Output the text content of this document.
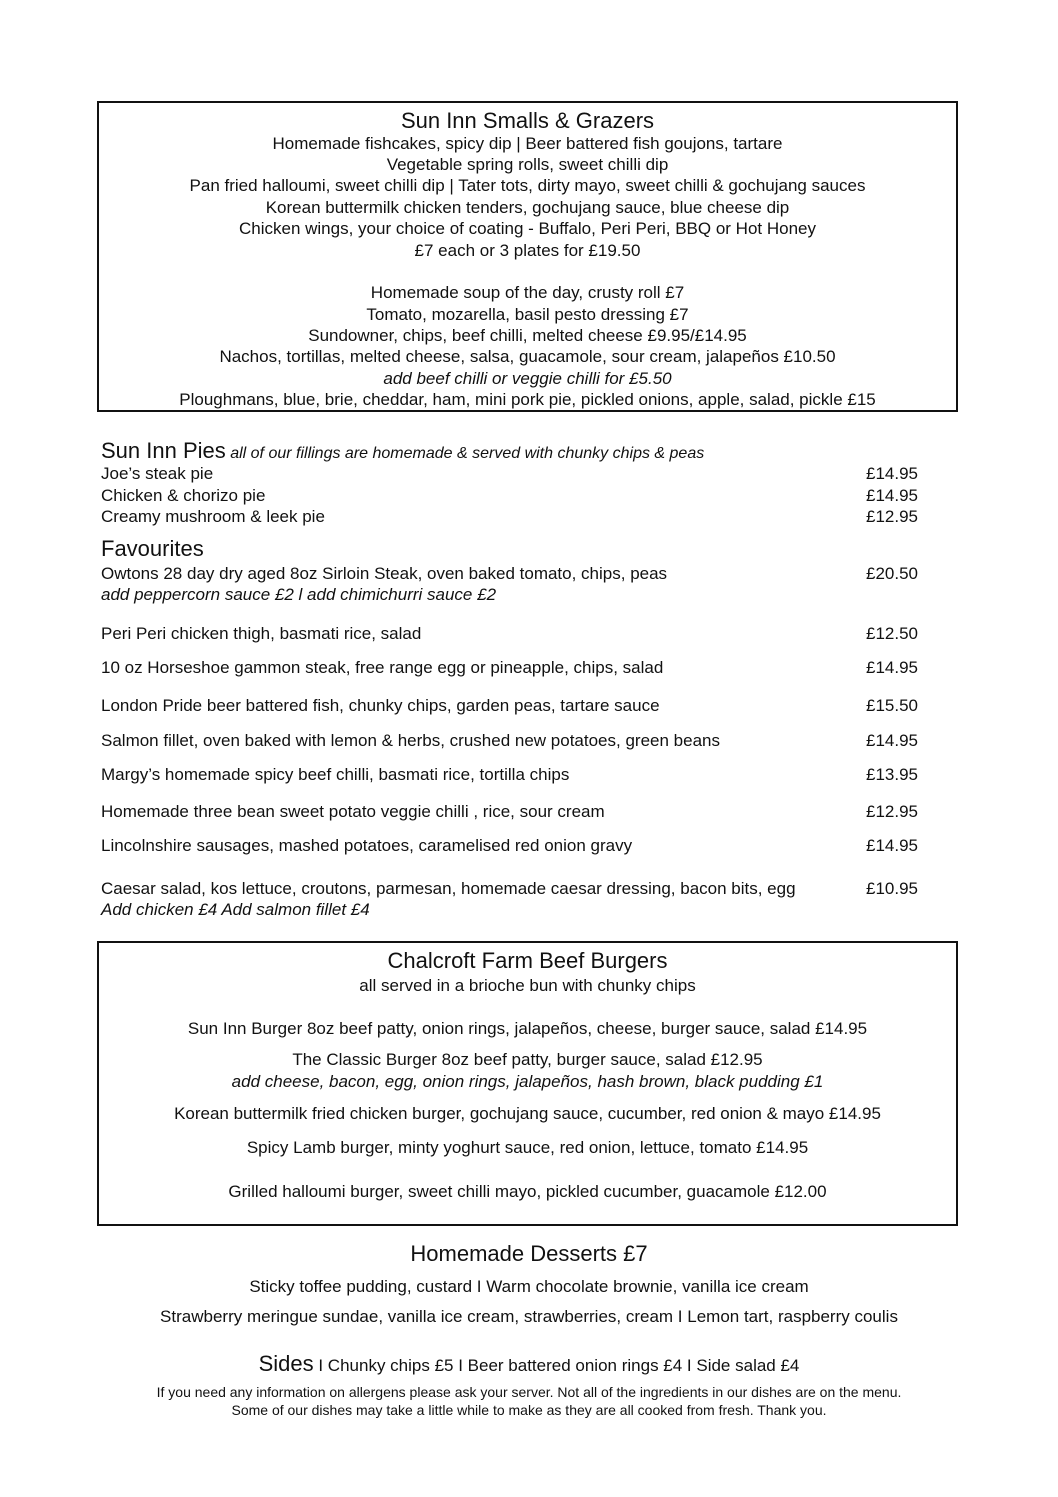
Sun Inn Smalls & Grazers
Homemade fishcakes, spicy dip | Beer battered fish goujons, tartare
Vegetable spring rolls, sweet chilli dip
Pan fried halloumi, sweet chilli dip | Tater tots, dirty mayo, sweet chilli & gochujang sauces
Korean buttermilk chicken tenders, gochujang sauce, blue cheese dip
Chicken wings, your choice of coating - Buffalo, Peri Peri, BBQ or Hot Honey
£7 each or 3 plates for £19.50
Homemade soup of the day, crusty roll £7
Tomato, mozarella, basil pesto dressing £7
Sundowner, chips, beef chilli, melted cheese £9.95/£14.95
Nachos, tortillas, melted cheese, salsa, guacamole, sour cream, jalapeños £10.50
add beef chilli or veggie chilli for £5.50
Ploughmans, blue, brie, cheddar, ham, mini pork pie, pickled onions, apple, salad, pickle £15
Sun Inn Pies all of our fillings are homemade & served with chunky chips & peas
Joe’s steak pie	£14.95
Chicken & chorizo pie	£14.95
Creamy mushroom & leek pie	£12.95
Favourites
Owtons 28 day dry aged 8oz Sirloin Steak, oven baked tomato, chips, peas	£20.50
add peppercorn sauce £2 l add chimichurri sauce £2
Peri Peri chicken thigh, basmati rice, salad	£12.50
10 oz Horseshoe gammon steak, free range egg or pineapple, chips, salad	£14.95
London Pride beer battered fish, chunky chips, garden peas, tartare sauce	£15.50
Salmon fillet, oven baked with lemon & herbs, crushed new potatoes, green beans	£14.95
Margy’s homemade spicy beef chilli, basmati rice, tortilla chips	£13.95
Homemade three bean sweet potato veggie chilli , rice, sour cream	£12.95
Lincolnshire sausages, mashed potatoes, caramelised red onion gravy	£14.95
Caesar salad, kos lettuce, croutons, parmesan, homemade caesar dressing, bacon bits, egg	£10.95
Add chicken £4 Add salmon fillet £4
Chalcroft Farm Beef Burgers
all served in a brioche bun with chunky chips
Sun Inn Burger 8oz beef patty, onion rings, jalapeños, cheese, burger sauce, salad £14.95
The Classic Burger 8oz beef patty, burger sauce, salad £12.95
add cheese, bacon, egg, onion rings, jalapeños, hash brown, black pudding £1
Korean buttermilk fried chicken burger, gochujang sauce, cucumber, red onion & mayo £14.95
Spicy Lamb burger, minty yoghurt sauce, red onion, lettuce, tomato £14.95
Grilled halloumi burger, sweet chilli mayo, pickled cucumber, guacamole £12.00
Homemade Desserts £7
Sticky toffee pudding, custard I Warm chocolate brownie, vanilla ice cream
Strawberry meringue sundae, vanilla ice cream, strawberries, cream I Lemon tart, raspberry coulis
Sides I Chunky chips £5 I Beer battered onion rings £4 I Side salad £4
If you need any information on allergens please ask your server. Not all of the ingredients in our dishes are on the menu.
Some of our dishes may take a little while to make as they are all cooked from fresh. Thank you.
